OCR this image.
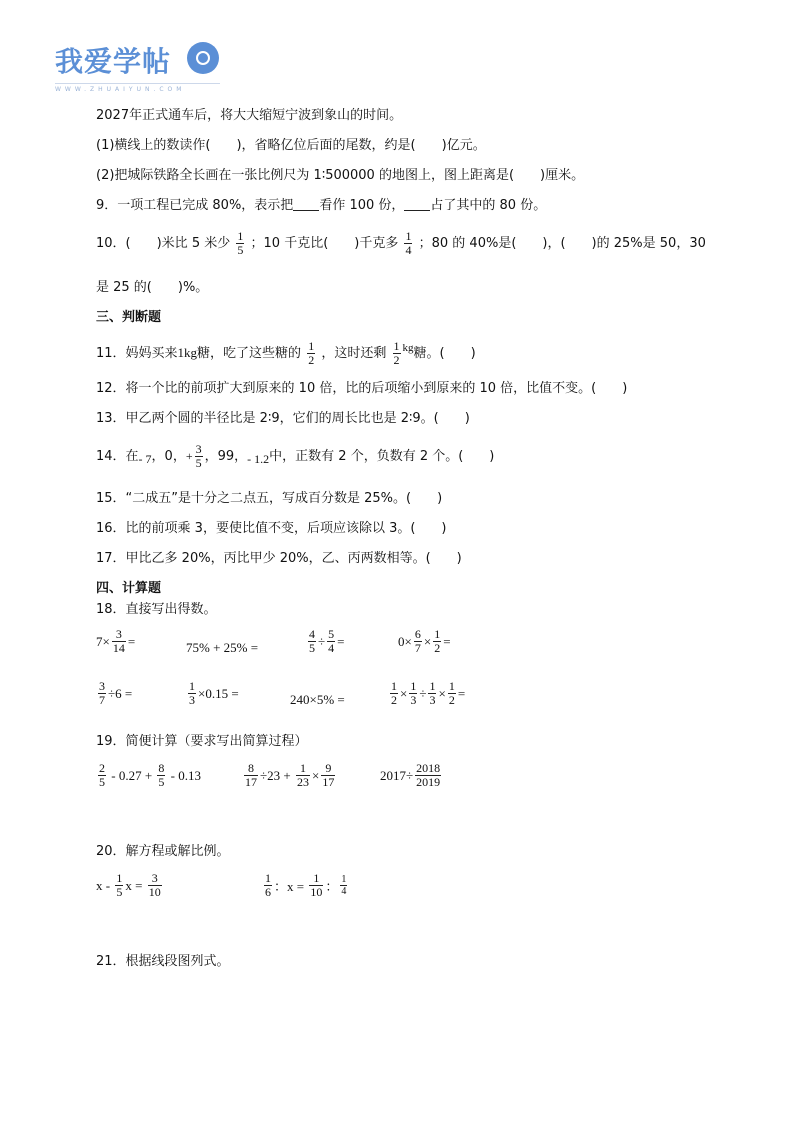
我爱学帖
WWW.ZHUAIYUN.COM
2027年正式通车后，将大大缩短宁波到象山的时间。
(1)横线上的数读作(　　)，省略亿位后面的尾数，约是(　　)亿元。
(2)把城际铁路全长画在一张比例尺为 1∶500000 的地图上，图上距离是(　　)厘米。
9．一项工程已完成 80%，表示把 看作 100 份， 占了其中的 80 份。
10．(　　)米比 5 米少 $\frac{1}{5}$ ；10 千克比(　　)千克多 $\frac{1}{4}$ ；80 的 40%是(　　)，(　　)的 25%是 50，30
是 25 的(　　)%。
三、判断题
11．妈妈买来1kg糖，吃了这些糖的 $\frac{1}{2}$ ，这时还剩 $\frac{1}{2} ^{kg}$糖。(　　)
12．将一个比的前项扩大到原来的 10 倍，比的后项缩小到原来的 10 倍，比值不变。(　　)
13．甲乙两个圆的半径比是 2∶9，它们的周长比也是 2∶9。(　　)
14．在- 7，0，+ $\frac{3}{5}$ ，99，- 1.2中，正数有 2 个，负数有 2 个。(　　)
15．“二成五”是十分之二点五，写成百分数是 25%。(　　)
16．比的前项乘 3，要使比值不变，后项应该除以 3。(　　)
17．甲比乙多 20%，丙比甲少 20%，乙、丙两数相等。(　　)
四、计算题
18．直接写出得数。
$7\times \frac{3}{14}$ =	75% + 25% =	$\frac{4}{5} \div \frac{5}{4}$ =	$0\times \frac{6}{7} \times \frac{1}{2}$ =
$\frac{3}{7} \div 6$ =	$\frac{1}{3} \times 0.15$ =	240×5% =	$\frac{1}{2} \times \frac{1}{3} \div \frac{1}{3} \times \frac{1}{2}$ =
19．简便计算（要求写出简算过程）
$\frac{2}{5}$
- 0.27 +
$\frac{8}{5}$
- 0.13	$\frac{8}{17} \div 23$ +
$\frac{1}{23} \times \frac{9}{17}$	$2017\div \frac{2018}{2019}$
20．解方程或解比例。
x -
$\frac{1}{5}$ x =
$\frac{3}{10}$	$\frac{1}{6}$ ：x =
$\frac{1}{10}$ ： $\frac{1}{4}$
21．根据线段图列式。
